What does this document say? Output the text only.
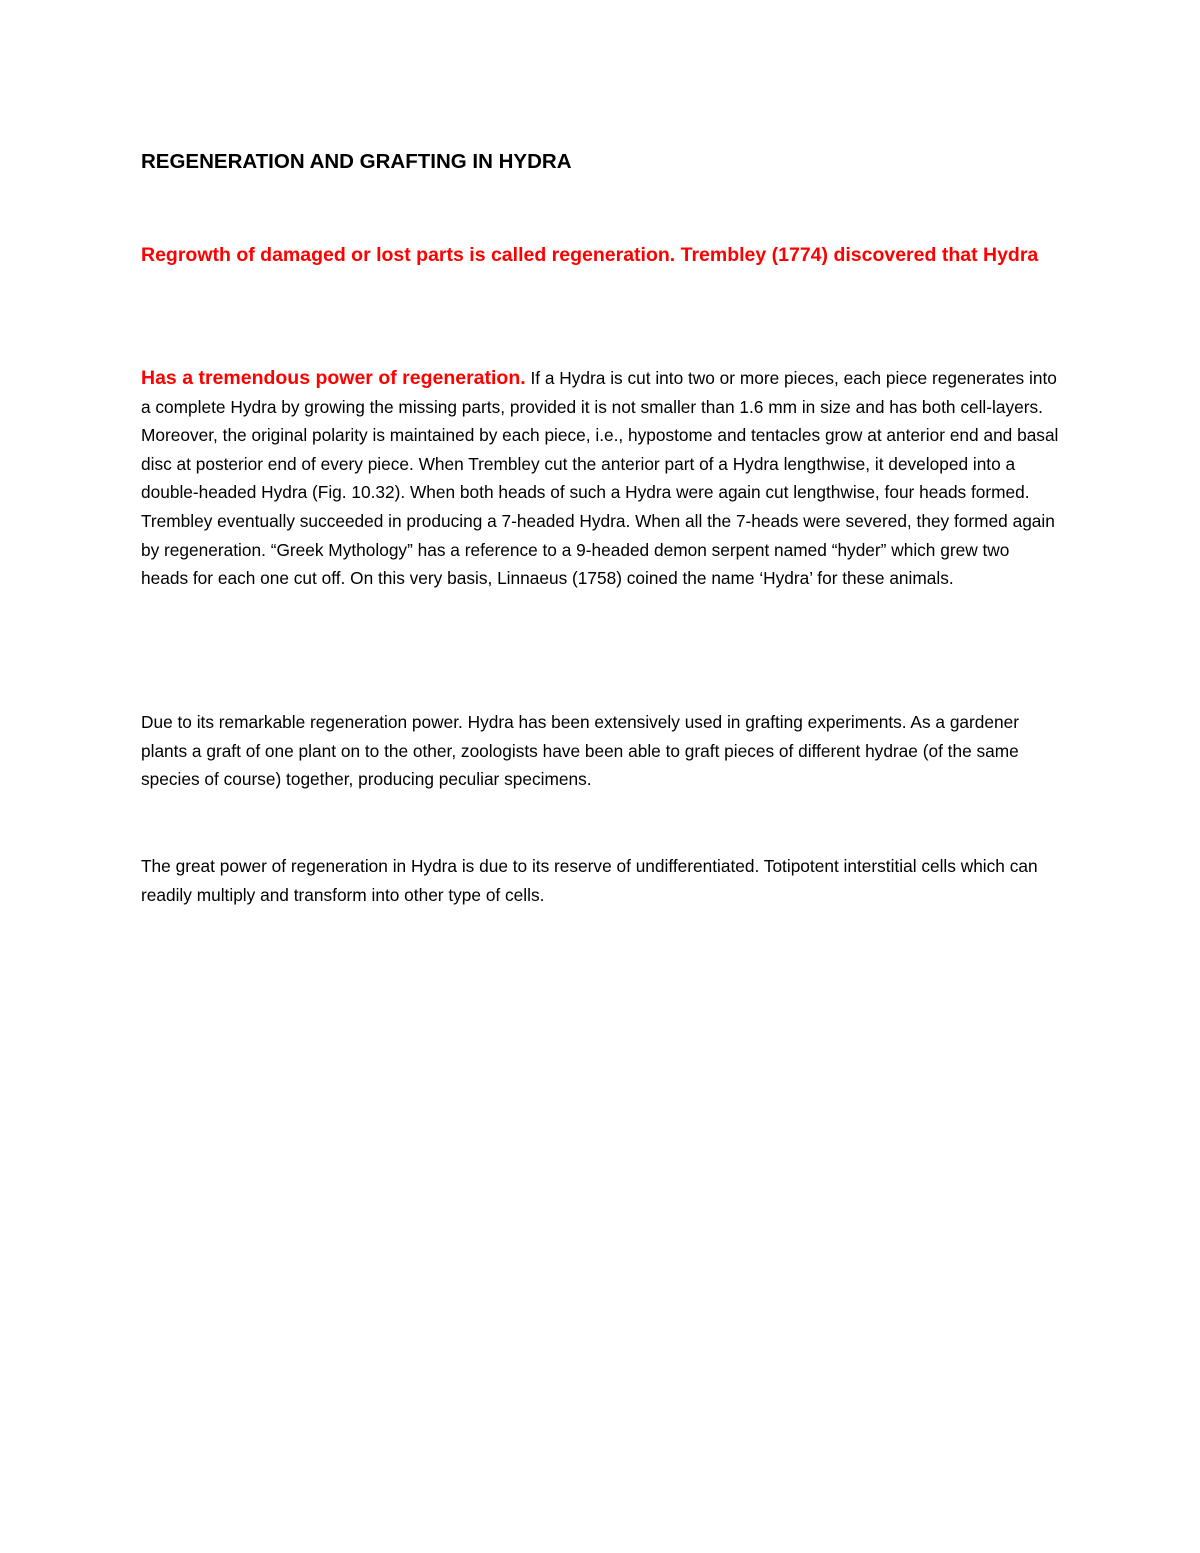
REGENERATION AND GRAFTING IN HYDRA

Regrowth of damaged or lost parts is called regeneration. Trembley (1774) discovered that Hydra

Has a tremendous power of regeneration. If a Hydra is cut into two or more pieces, each piece regenerates into a complete Hydra by growing the missing parts, provided it is not smaller than 1.6 mm in size and has both cell-layers. Moreover, the original polarity is maintained by each piece, i.e., hypostome and tentacles grow at anterior end and basal disc at posterior end of every piece. When Trembley cut the anterior part of a Hydra lengthwise, it developed into a double-headed Hydra (Fig. 10.32). When both heads of such a Hydra were again cut lengthwise, four heads formed. Trembley eventually succeeded in producing a 7-headed Hydra. When all the 7-heads were severed, they formed again by regeneration. “Greek Mythology” has a reference to a 9-headed demon serpent named “hyder” which grew two heads for each one cut off. On this very basis, Linnaeus (1758) coined the name ‘Hydra’ for these animals.

Due to its remarkable regeneration power. Hydra has been extensively used in grafting experiments. As a gardener plants a graft of one plant on to the other, zoologists have been able to graft pieces of different hydrae (of the same species of course) together, producing peculiar specimens.

The great power of regeneration in Hydra is due to its reserve of undifferentiated. Totipotent interstitial cells which can readily multiply and transform into other type of cells.
